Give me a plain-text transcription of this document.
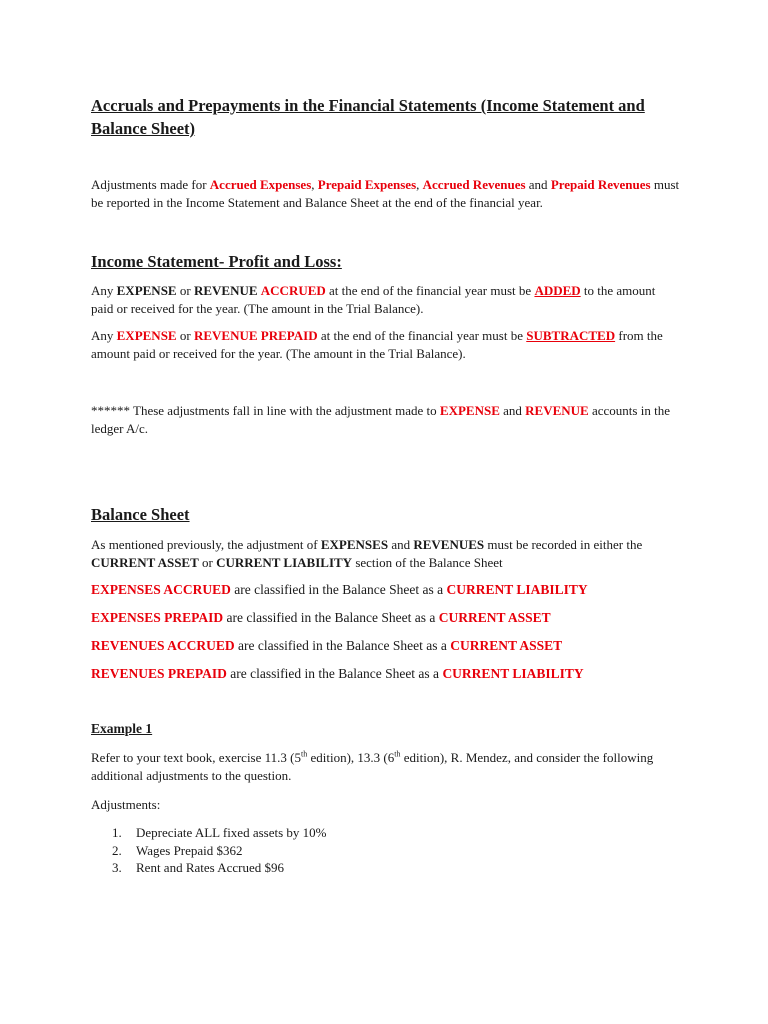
Accruals and Prepayments in the Financial Statements (Income Statement and Balance Sheet)
Adjustments made for Accrued Expenses, Prepaid Expenses, Accrued Revenues and Prepaid Revenues must be reported in the Income Statement and Balance Sheet at the end of the financial year.
Income Statement- Profit and Loss:
Any EXPENSE or REVENUE ACCRUED at the end of the financial year must be ADDED to the amount paid or received for the year. (The amount in the Trial Balance).
Any EXPENSE or REVENUE PREPAID at the end of the financial year must be SUBTRACTED from the amount paid or received for the year. (The amount in the Trial Balance).
****** These adjustments fall in line with the adjustment made to EXPENSE and REVENUE accounts in the ledger A/c.
Balance Sheet
As mentioned previously, the adjustment of EXPENSES and REVENUES must be recorded in either the CURRENT ASSET or CURRENT LIABILITY section of the Balance Sheet
EXPENSES ACCRUED are classified in the Balance Sheet as a CURRENT LIABILITY
EXPENSES PREPAID are classified in the Balance Sheet as a CURRENT ASSET
REVENUES ACCRUED are classified in the Balance Sheet as a CURRENT ASSET
REVENUES PREPAID are classified in the Balance Sheet as a CURRENT LIABILITY
Example 1
Refer to your text book, exercise 11.3 (5th edition), 13.3 (6th edition), R. Mendez, and consider the following additional adjustments to the question.
Adjustments:
1.	Depreciate ALL fixed assets by 10%
2.	Wages Prepaid $362
3.	Rent and Rates Accrued $96
